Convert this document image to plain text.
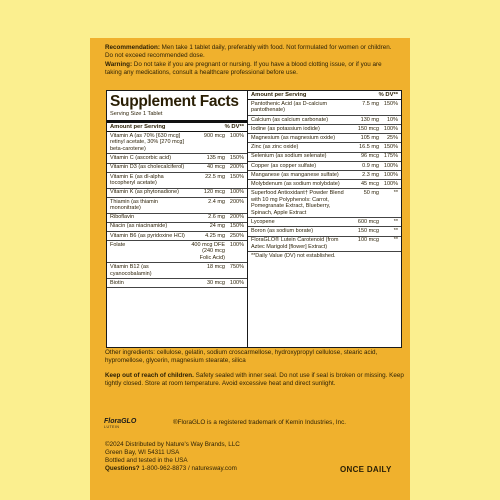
Recommendation: Men take 1 tablet daily, preferably with food. Not formulated for women or children. Do not exceed recommended dose.
Warning: Do not take if you are pregnant or nursing. If you have a blood clotting issue, or if you are taking any medications, consult a healthcare professional before use.
Supplement Facts
Serving Size 1 Tablet
Amount per Serving	% DV**
Vitamin A (as 70% [630 mcg] retinyl acetate, 30% [270 mcg] beta-carotene)
900 mcg 100%
Vitamin C (ascorbic acid)	135 mg 150%
Vitamin D3 (as cholecalciferol)	40 mcg 200%
Vitamin E (as dl-alpha tocopheryl acetate)
22.5 mg 150%
Vitamin K (as phytonadione)	120 mcg 100%
Thiamin (as thiamin mononitrate)
2.4 mg 200%
Riboflavin	2.6 mg 200%
Niacin (as niacinamide)	24 mg 150%
Vitamin B6 (as pyridoxine HCl)	4.25 mg 250%
Folate	400 mcg DFE (240 mcg Folic Acid)
100%
Vitamin B12 (as cyanocobalamin)
18 mcg 750%
Biotin	30 mcg 100%
Amount per Serving	% DV**
Pantothenic Acid (as D-calcium pantothenate)
7.5 mg 150%
Calcium (as calcium carbonate)	130 mg	10%
Iodine (as potassium iodide)	150 mcg 100%
Magnesium (as magnesium oxide)	105 mg	25%
Zinc (as zinc oxide)	16.5 mg 150%
Selenium (as sodium selenate)	96 mcg 175%
Copper (as copper sulfate)	0.9 mg 100%
Manganese (as manganese sulfate)	2.3 mg 100%
Molybdenum (as sodium molybdate)	45 mcg 100%
Superfood Antioxidant† Powder Blend with 10 mg Polyphenols: Carrot, Pomegranate Extract, Blueberry, Spinach, Apple Extract
50 mg	**
Lycopene	600 mcg	**
Boron (as sodium borate)	150 mcg	**
FloraGLO® Lutein Carotenoid (from Aztec Marigold [flower] Extract)
100 mcg	**
**Daily Value (DV) not established.
Other ingredients: cellulose, gelatin, sodium croscarmellose, hydroxypropyl cellulose, stearic acid, hypromellose, glycerin, magnesium stearate, silica
Keep out of reach of children. Safety sealed with inner seal. Do not use if seal is broken or missing. Keep tightly closed. Store at room temperature. Avoid excessive heat and direct sunlight.
FloraGLO
LUTEIN
®FloraGLO is a registered trademark of Kemin Industries, Inc.
©2024 Distributed by Nature's Way Brands, LLC
Green Bay, WI 54311 USA
Bottled and tested in the USA
Questions? 1-800-962-8873 / naturesway.com	ONCE DAILY
